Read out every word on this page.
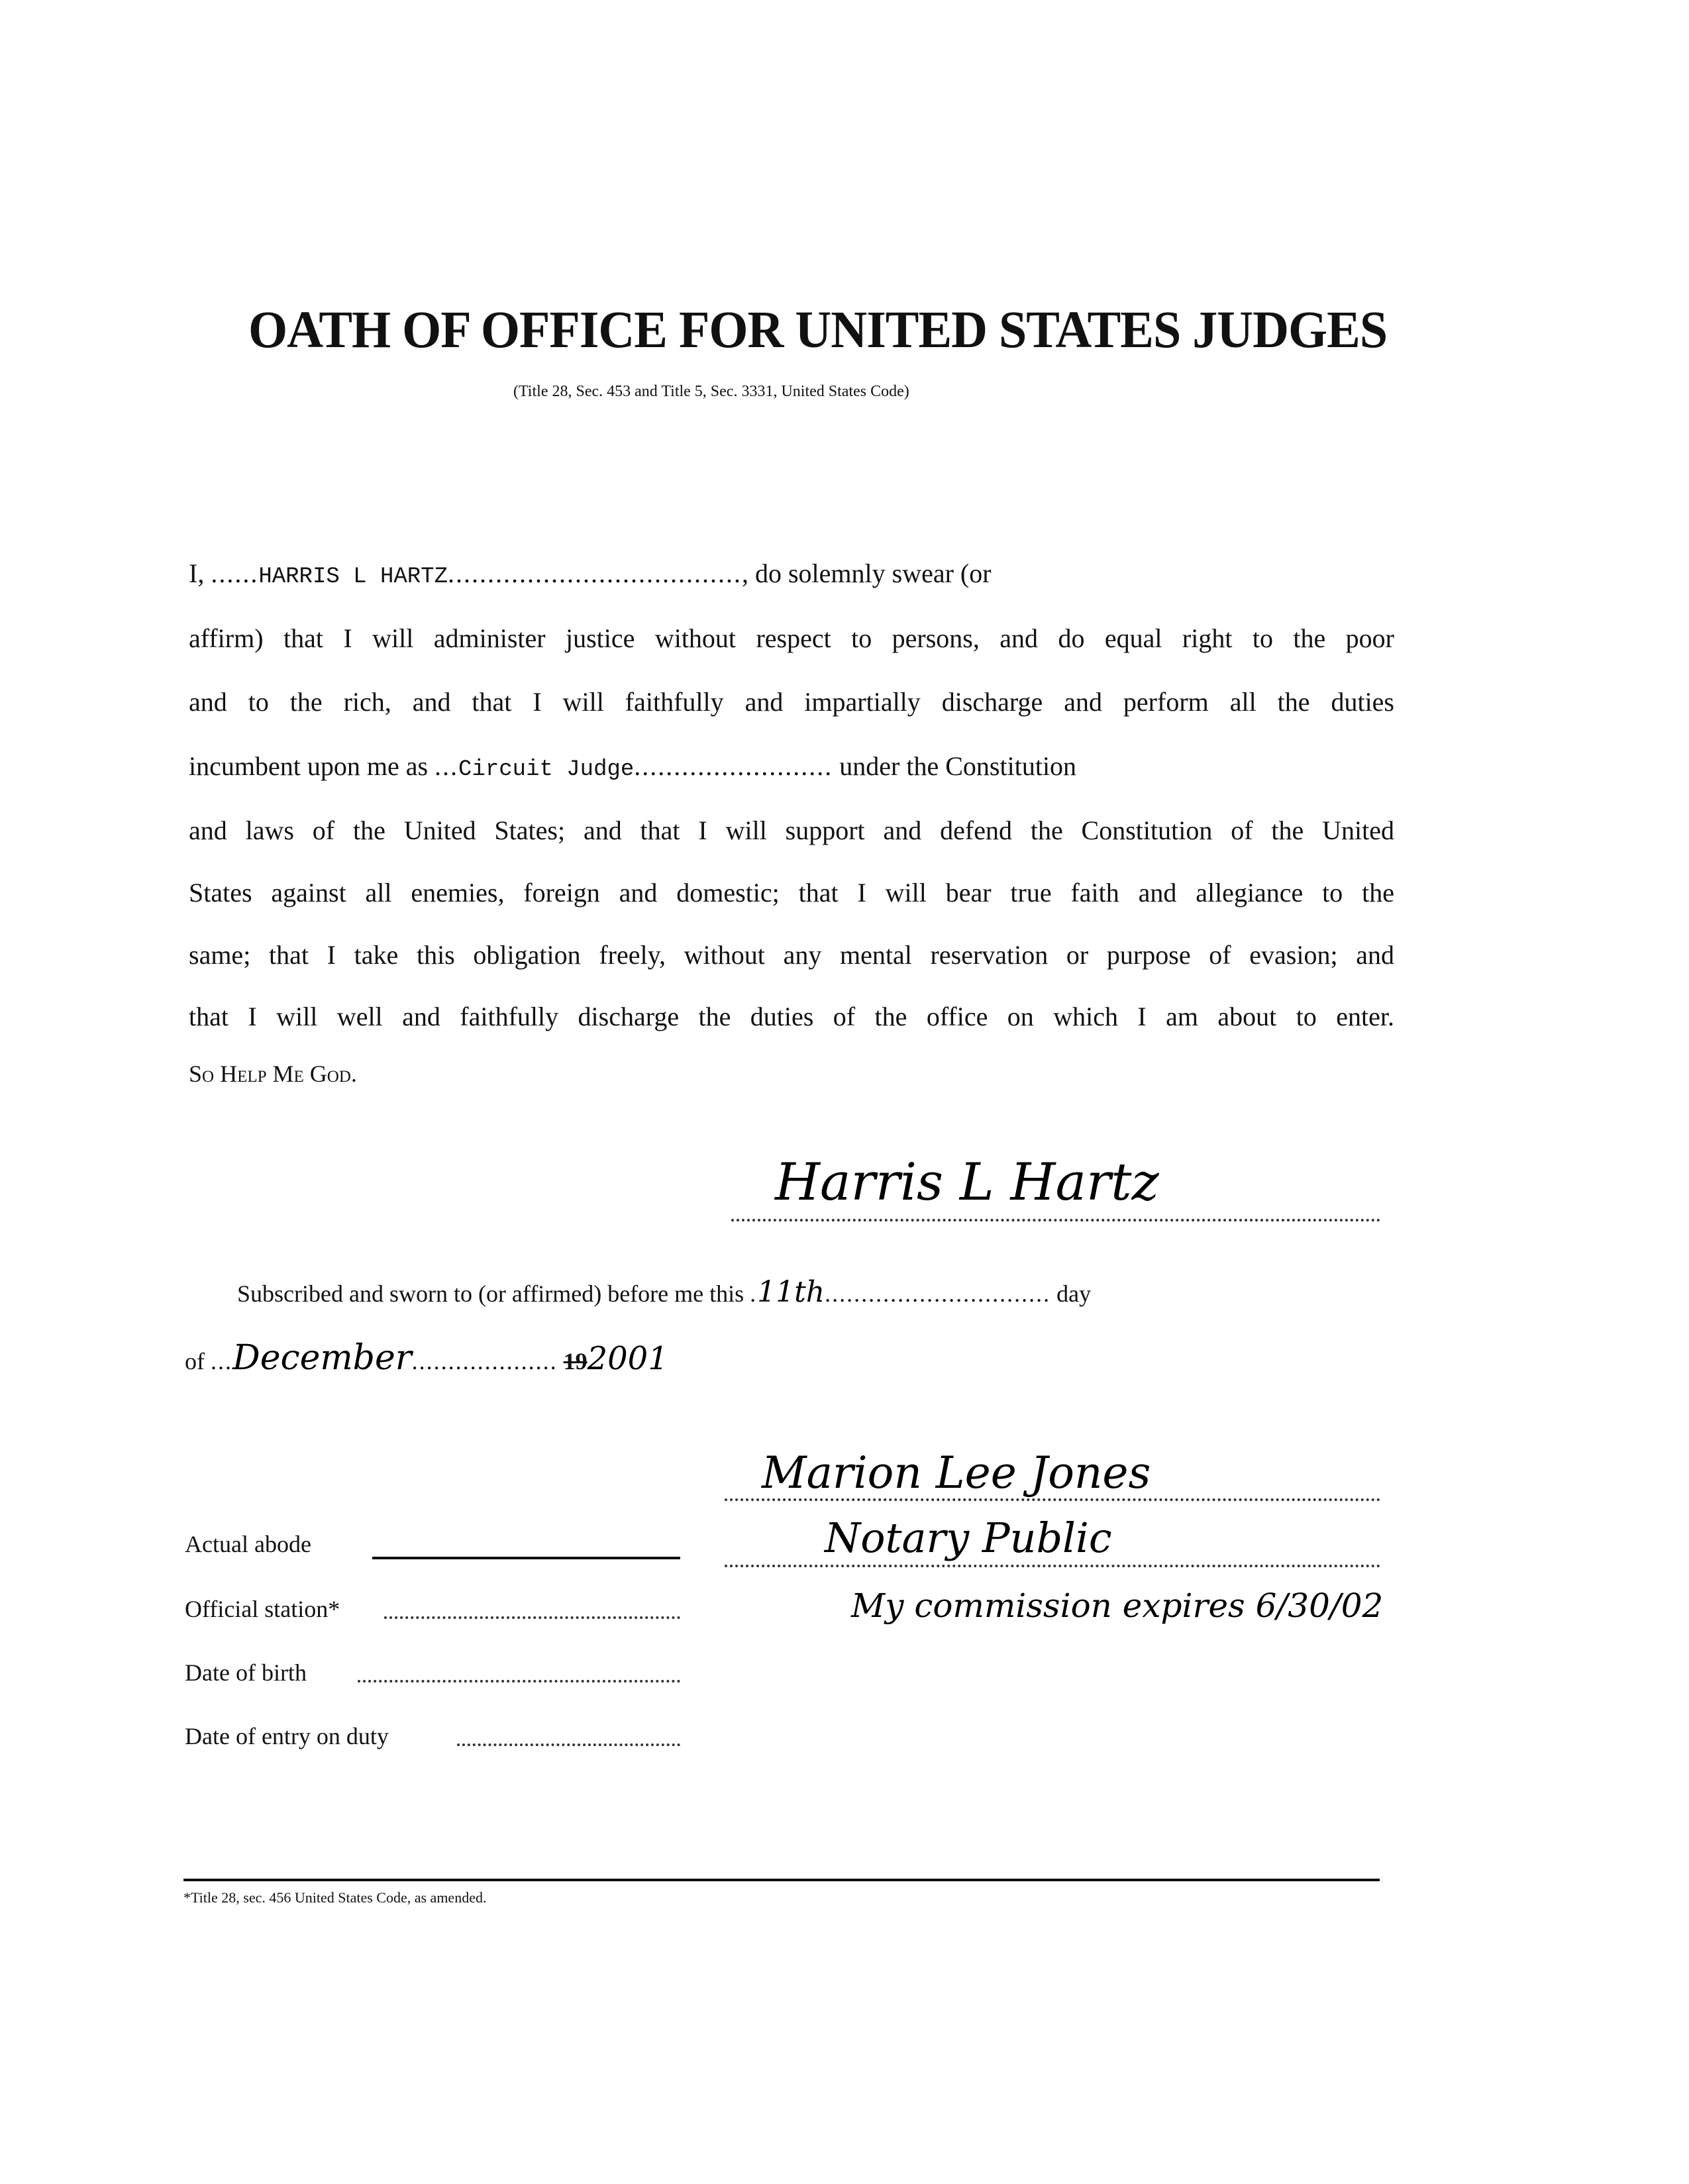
OATH OF OFFICE FOR UNITED STATES JUDGES
(Title 28, Sec. 453 and Title 5, Sec. 3331, United States Code)
I, ......HARRIS L HARTZ....................................., do solemnly swear (or
affirm) that I will administer justice without respect to persons, and do equal right to the poor
and to the rich, and that I will faithfully and impartially discharge and perform all the duties
incumbent upon me as ...Circuit Judge......................... under the Constitution
and laws of the United States; and that I will support and defend the Constitution of the United
States against all enemies, foreign and domestic; that I will bear true faith and allegiance to the
same; that I take this obligation freely, without any mental reservation or purpose of evasion; and
that I will well and faithfully discharge the duties of the office on which I am about to enter.
So Help Me God.
Harris L Hartz
Subscribed and sworn to (or affirmed) before me this .11th............................... day
of ...December.................... 192001
Marion Lee Jones
Notary Public
My commission expires 6/30/02
Actual abode
Official station*
Date of birth
Date of entry on duty
*Title 28, sec. 456 United States Code, as amended.
